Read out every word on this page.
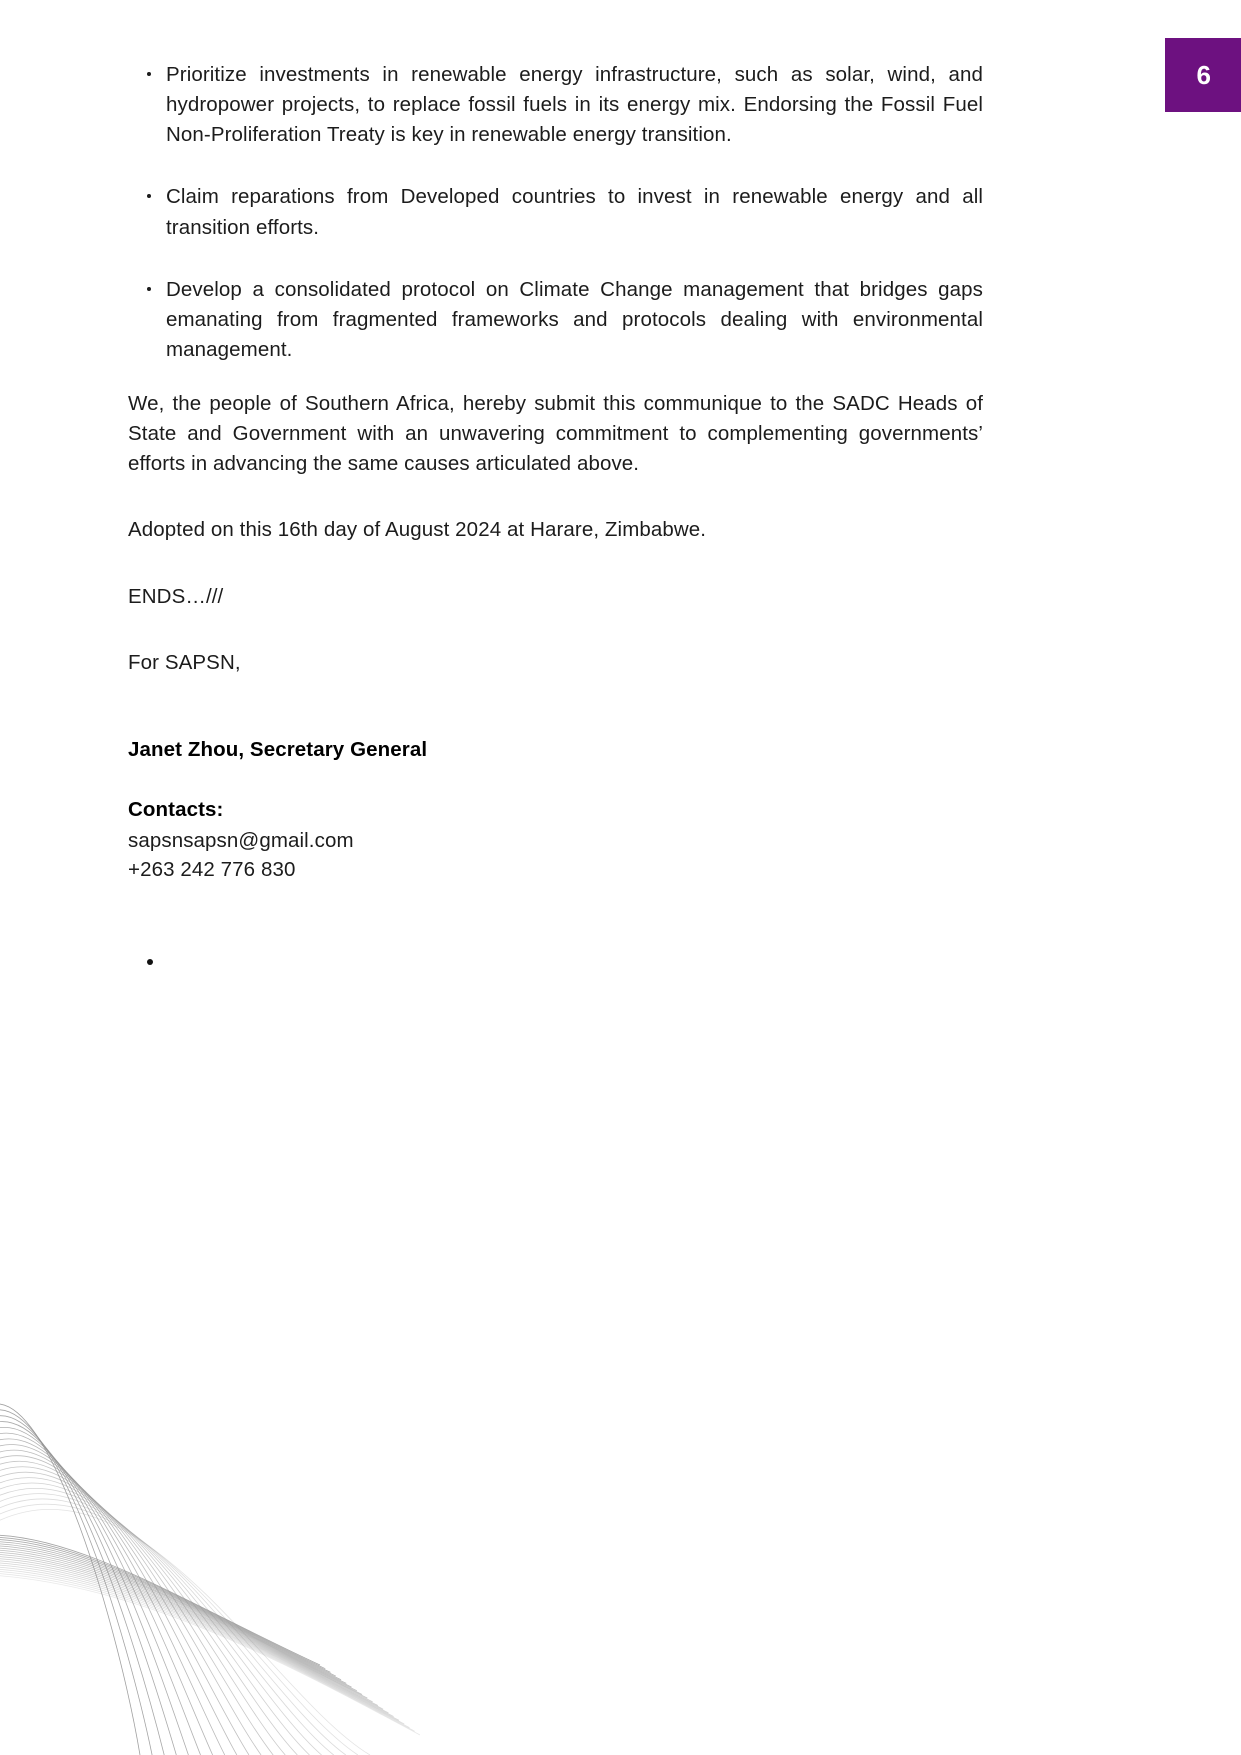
6
Prioritize investments in renewable energy infrastructure, such as solar, wind, and hydropower projects, to replace fossil fuels in its energy mix. Endorsing the Fossil Fuel Non-Proliferation Treaty is key in renewable energy transition.
Claim reparations from Developed countries to invest in renewable energy and all transition efforts.
Develop a consolidated protocol on Climate Change management that bridges gaps emanating from fragmented frameworks and protocols dealing with environmental management.

We, the people of Southern Africa, hereby submit this communique to the SADC Heads of State and Government with an unwavering commitment to complementing governments’ efforts in advancing the same causes articulated above.

Adopted on this 16th day of August 2024 at Harare, Zimbabwe.

ENDS…///

For SAPSN,

Janet Zhou, Secretary General

Contacts:

sapsnsapsn@gmail.com

+263 242 776 830
